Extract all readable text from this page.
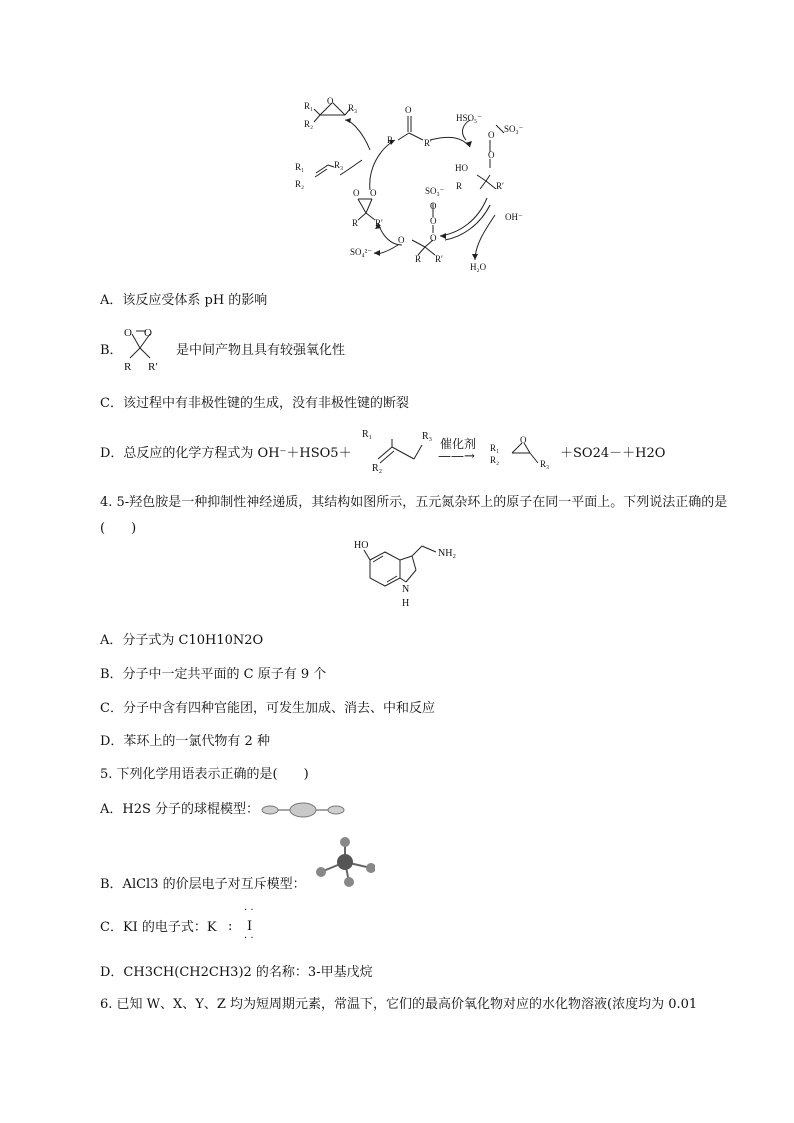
R₁ O
R₃
R₂
R₁	R₃
R₂
O
R	R′
HSO₅⁻
O
SO₃⁻
O
HO
R	R′
O O
R R′
SO₃⁻
O
O
O
O
R R′
SO₄²⁻
OH⁻
H₂O
A．该反应受体系 pH 的影响
B．
O O
R R′
是中间产物且具有较强氧化性
C．该过程中有非极性键的生成，没有非极性键的断裂
D．总反应的化学方程式为 OH⁻＋HSO5＋
R₁	R₃
R₂
催化剂
——→
O
R₁
R₂	R₃
＋SO24－＋H2O
4. 5-羟色胺是一种抑制性神经递质，其结构如图所示，五元氮杂环上的原子在同一平面上。下列说法正确的是(　　)
HO
NH₂
N
H
A．分子式为 C10H10N2O
B．分子中一定共平面的 C 原子有 9 个
C．分子中含有四种官能团，可发生加成、消去、中和反应
D．苯环上的一氯代物有 2 种
5. 下列化学用语表示正确的是(　　)
A．H2S 分子的球棍模型：
B．AlCl3 的价层电子对互斥模型：
C．KI 的电子式：K :
· ·
I
· ·
D．CH3CH(CH2CH3)2 的名称：3-甲基戊烷
6. 已知 W、X、Y、Z 均为短周期元素，常温下，它们的最高价氧化物对应的水化物溶液(浓度均为 0.01
